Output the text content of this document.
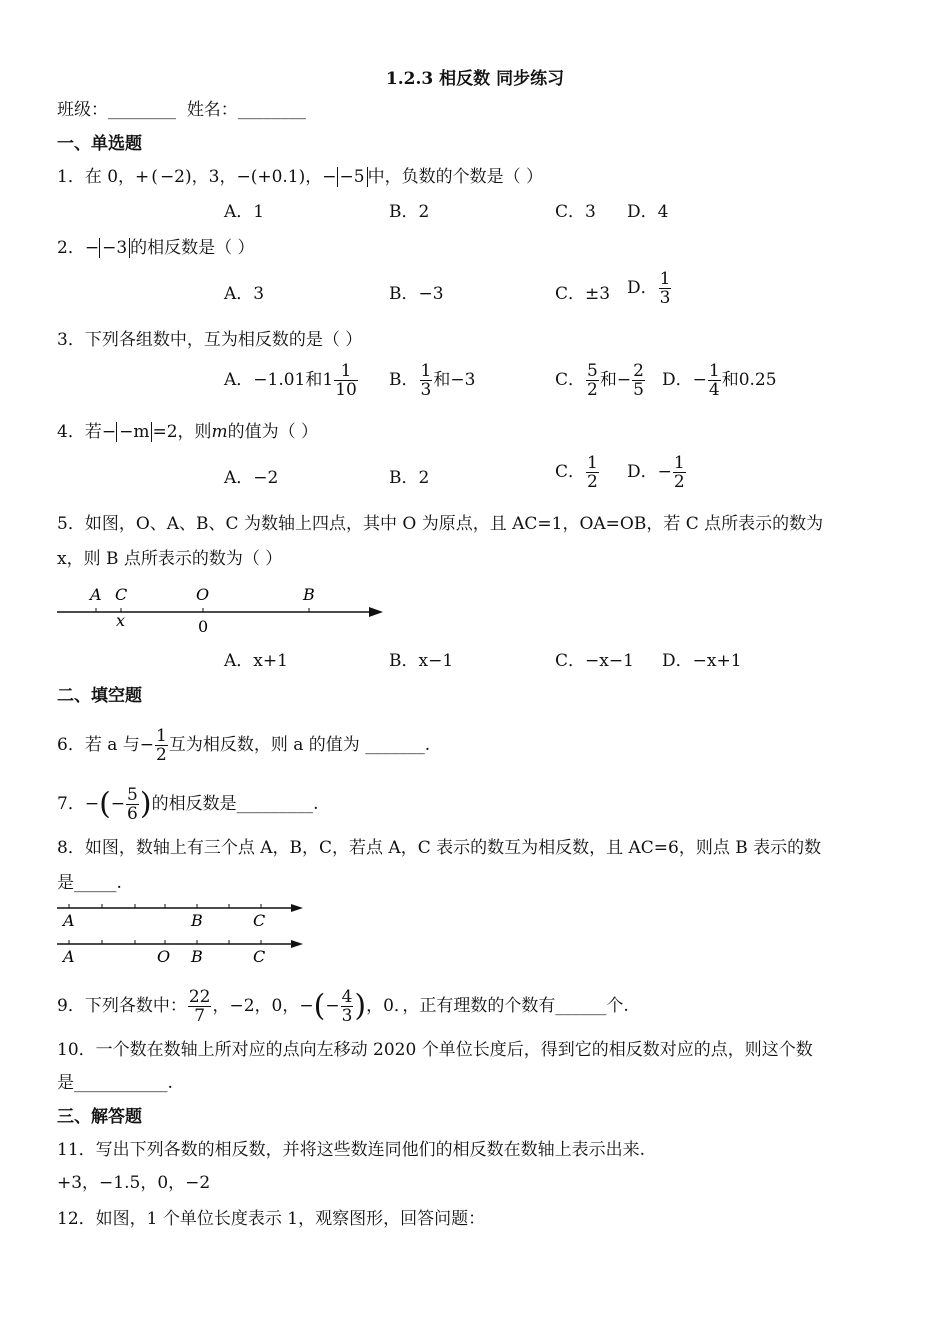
1.2.3 相反数 同步练习
班级：________ 姓名：________
一、单选题
1．在 0，+ ( −2)，3，−(+0.1)，− −5 中，负数的个数是（ ）
A．1	B．2	C．3 D．4
2．− −3 的相反数是（ ）
A．3	B．−3	C．±3 D． $\frac{1}{3}$
3．下列各组数中，互为相反数的是（ ）
A．−1.01和$1 \frac{1}{10}$ B． $\frac{1}{3}$ 和−3	C． $\frac{5}{2}$ 和− $\frac{2}{5}$ D．− $\frac{1}{4}$ 和0.25
4．若− −m =2，则m的值为（ ）
A．−2	B．2	C． $\frac{1}{2}$ D．− $\frac{1}{2}$
5．如图，O、A、B、C 为数轴上四点，其中 O 为原点，且 AC=1，OA=OB，若 C 点所表示的数为
x，则 B 点所表示的数为（ ）
A C	O	B
x	0
A．x+1	B．x−1	C．−x−1 D．−x+1
二、填空题
6．若 a 与− $\frac{1}{2}$ 互为相反数，则 a 的值为 _______.
7．−(− $\frac{5}{6}$ )的相反数是_________.
8．如图，数轴上有三个点 A，B，C，若点 A，C 表示的数互为相反数，且 AC=6，则点 B 表示的数
是_____.
A	B	C
A	O B	C
9．下列各数中： $\frac{22}{7}$ ，−2，0，−(− $\frac{4}{3}$ )，0．，正有理数的个数有______个.
10．一个数在数轴上所对应的点向左移动 2020 个单位长度后，得到它的相反数对应的点，则这个数
是___________.
三、解答题
11．写出下列各数的相反数，并将这些数连同他们的相反数在数轴上表示出来.
+3，−1.5，0，−2
12．如图，1 个单位长度表示 1，观察图形，回答问题：
